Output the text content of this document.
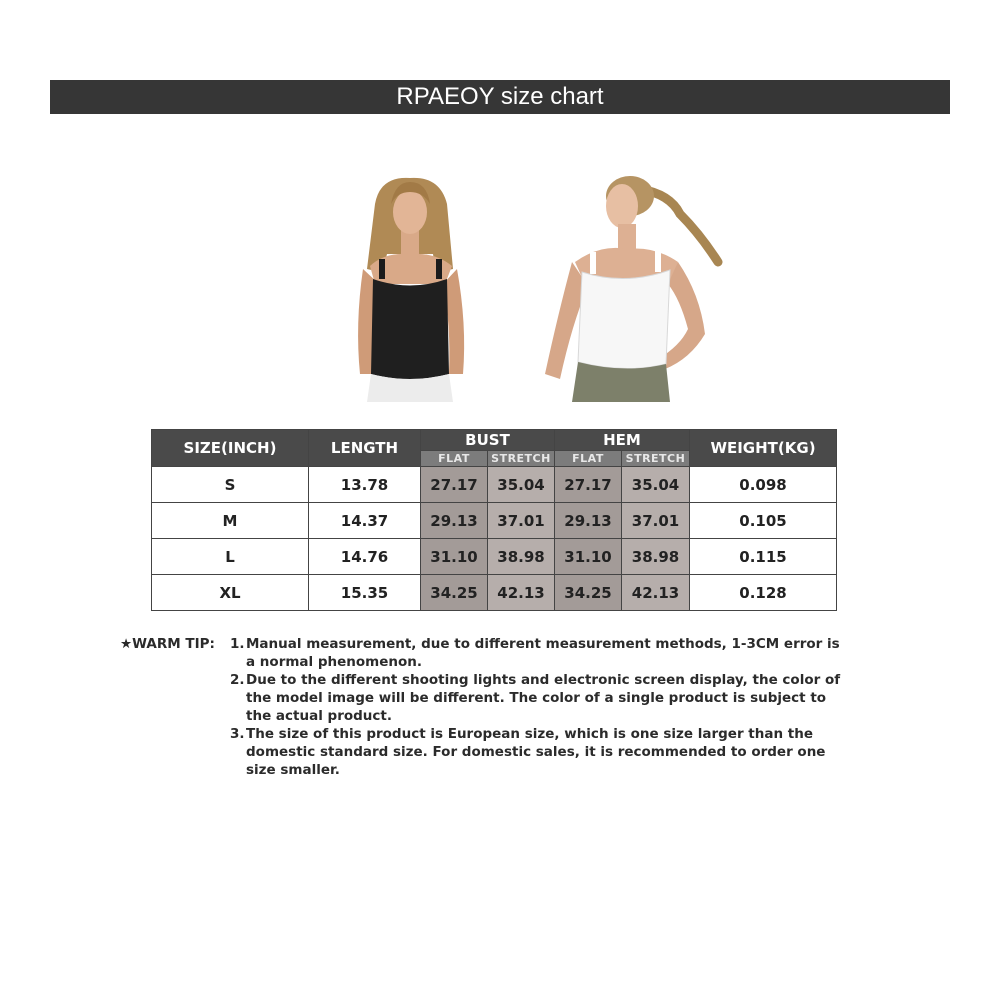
RPAEOY size chart
SIZE(INCH)	LENGTH	BUST		HEM		WEIGHT(KG)
		FLAT	STRETCH	FLAT	STRETCH	
S	13.78	27.17	35.04	27.17	35.04	0.098
M	14.37	29.13	37.01	29.13	37.01	0.105
L	14.76	31.10	38.98	31.10	38.98	0.115
XL	15.35	34.25	42.13	34.25	42.13	0.128
★WARM TIP: 1. Manual measurement, due to different measurement methods, 1-3CM error is a normal phenomenon.
2. Due to the different shooting lights and electronic screen display, the color of the model image will be different. The color of a single product is subject to the actual product.
3. The size of this product is European size, which is one size larger than the domestic standard size. For domestic sales, it is recommended to order one size smaller.
